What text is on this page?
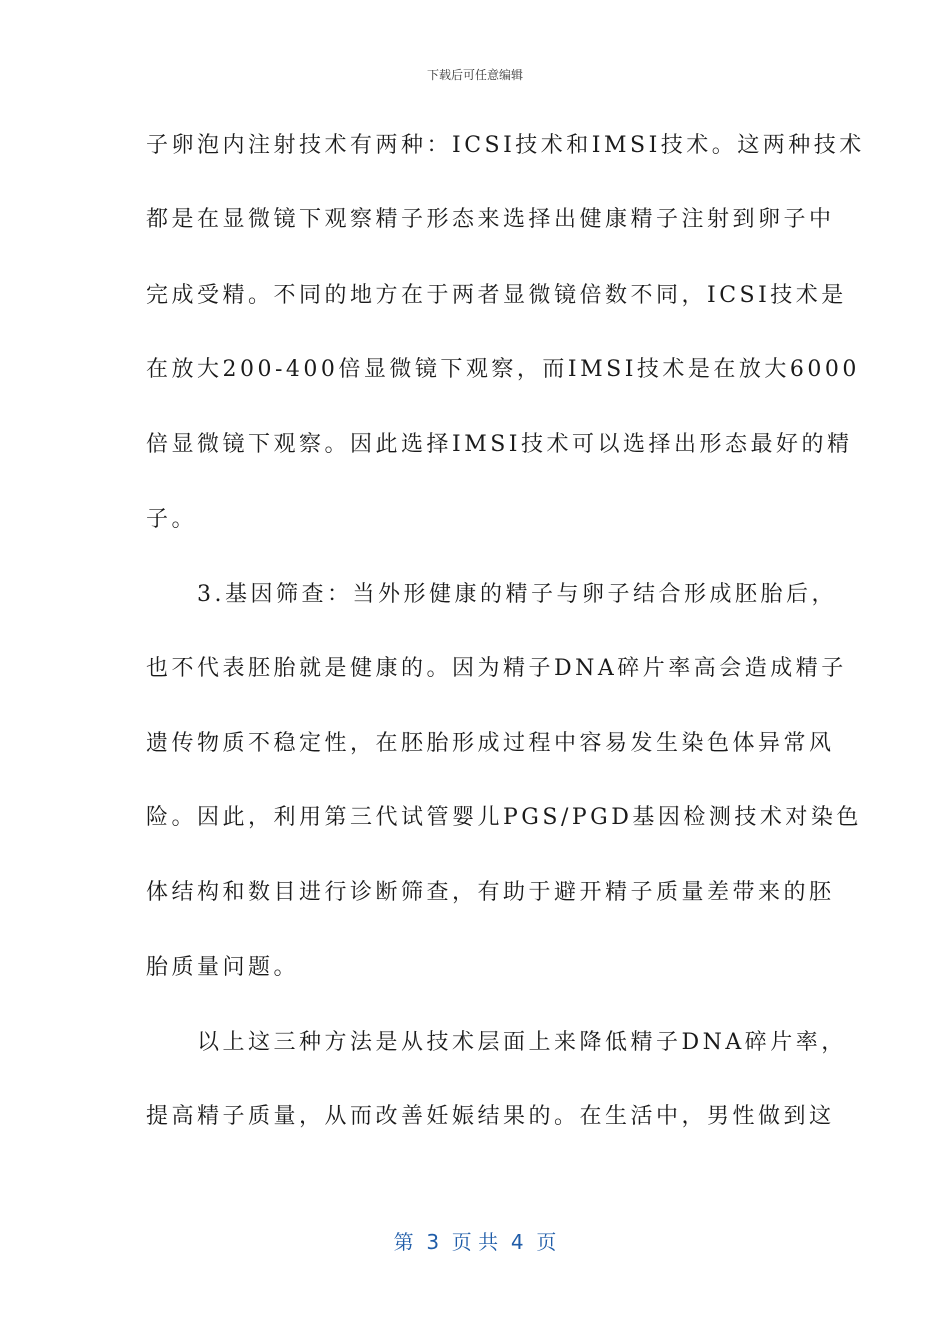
下载后可任意编辑
子卵泡内注射技术有两种：ICSI技术和IMSI技术。这两种技术
都是在显微镜下观察精子形态来选择出健康精子注射到卵子中
完成受精。不同的地方在于两者显微镜倍数不同，ICSI技术是
在放大200-400倍显微镜下观察，而IMSI技术是在放大6000
倍显微镜下观察。因此选择IMSI技术可以选择出形态最好的精
子。
　　3.基因筛查：当外形健康的精子与卵子结合形成胚胎后，
也不代表胚胎就是健康的。因为精子DNA碎片率高会造成精子
遗传物质不稳定性，在胚胎形成过程中容易发生染色体异常风
险。因此，利用第三代试管婴儿PGS/PGD基因检测技术对染色
体结构和数目进行诊断筛查，有助于避开精子质量差带来的胚
胎质量问题。
　　以上这三种方法是从技术层面上来降低精子DNA碎片率，
提高精子质量，从而改善妊娠结果的。在生活中，男性做到这
第  3  页 共  4  页
